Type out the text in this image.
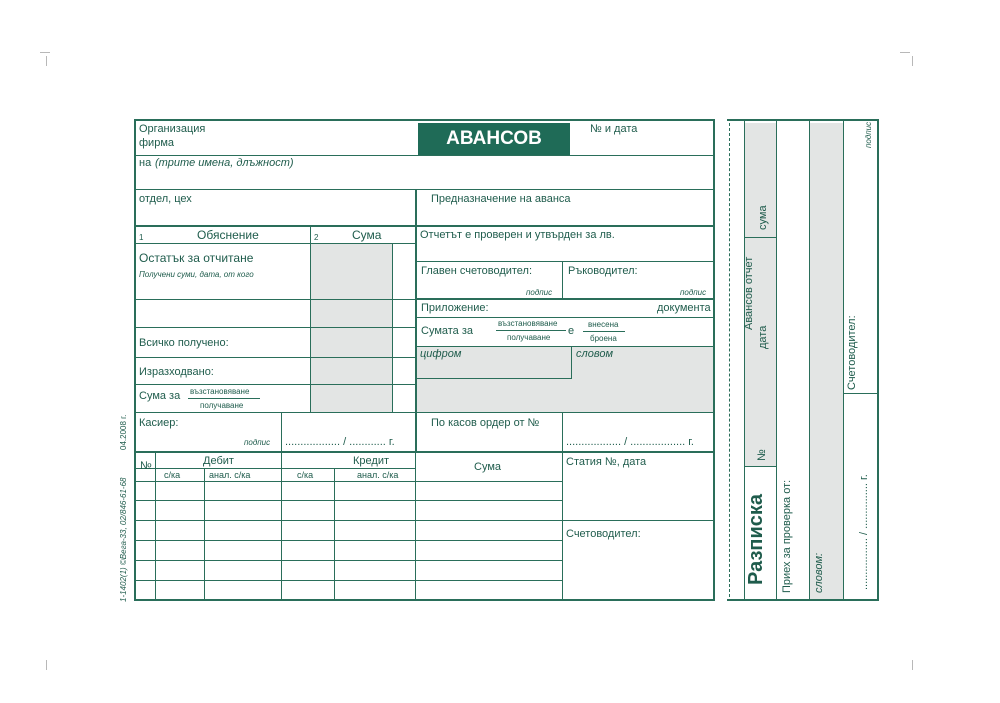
Организация
фирма	АВАНСОВ ОТЧЕТ
№ и дата
на (трите имена, длъжност)
отдел, цех	Предназначение на аванса
1	Обяснение	2	Сума
Остатък за отчитане
Получени суми, дата, от кого
Всичко получено:
Изразходвано:
Сума за възстановяване
получаване
Касиер:
подпис .................. / ............ г.
Отчетът е проверен и утвърден за лв.
Главен счетоводител:
подпис
Ръководител:
подпис
Приложение:	документа
Сумата за
възстановяване
получаване
е
внесена
броена
цифром	словом
По касов ордер от №
.................. / .................. г.
№	Дебит	Кредит	Сума
с/ка	анал. с/ка	с/ка	анал. с/ка
Статия №, дата
Счетоводител:
1-1402(1) ©Вега-33, 02/846-61-68
04.2008 г.
Разписка
№
Авансов отчет
дата
сума
Приех за проверка от: словом:
Счетоводител:
подпис
................. / ............... г.
